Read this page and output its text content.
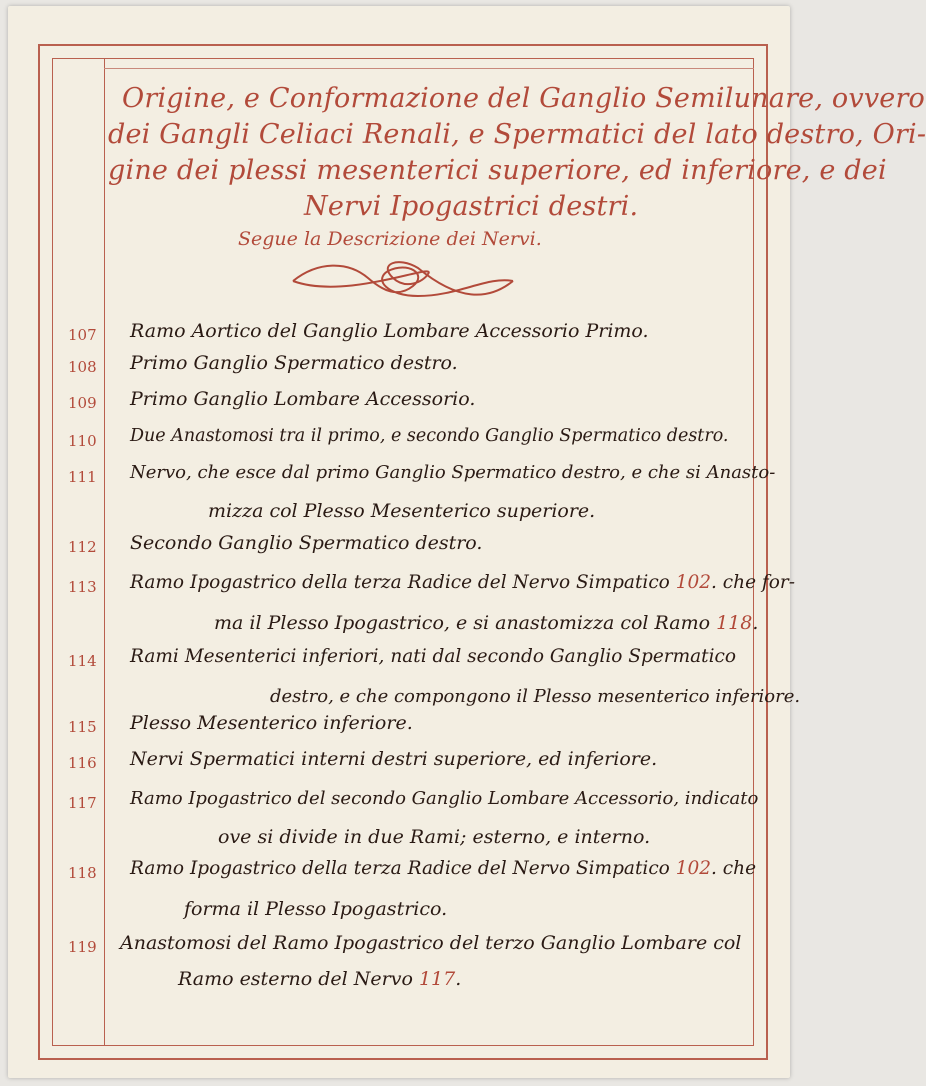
Origine, e Conformazione del Ganglio Semilunare, ovvero
dei Gangli Celiaci Renali, e Spermatici del lato destro, Ori-
gine dei plessi mesenterici superiore, ed inferiore, e dei
Nervi Ipogastrici destri.
Segue la Descrizione dei Nervi.
107	Ramo Aortico del Ganglio Lombare Accessorio Primo.
108	Primo Ganglio Spermatico destro.
109	Primo Ganglio Lombare Accessorio.
110	Due Anastomosi tra il primo, e secondo Ganglio Spermatico destro.
111	Nervo, che esce dal primo Ganglio Spermatico destro, e che si Anasto-
mizza col Plesso Mesenterico superiore.
112	Secondo Ganglio Spermatico destro.
113	Ramo Ipogastrico della terza Radice del Nervo Simpatico 102. che for-
ma il Plesso Ipogastrico, e si anastomizza col Ramo 118.
114	Rami Mesenterici inferiori, nati dal secondo Ganglio Spermatico
destro, e che compongono il Plesso mesenterico inferiore.
115	Plesso Mesenterico inferiore.
116	Nervi Spermatici interni destri superiore, ed inferiore.
117	Ramo Ipogastrico del secondo Ganglio Lombare Accessorio, indicato
ove si divide in due Rami; esterno, e interno.
118	Ramo Ipogastrico della terza Radice del Nervo Simpatico 102. che
forma il Plesso Ipogastrico.
119	Anastomosi del Ramo Ipogastrico del terzo Ganglio Lombare col
Ramo esterno del Nervo 117.
